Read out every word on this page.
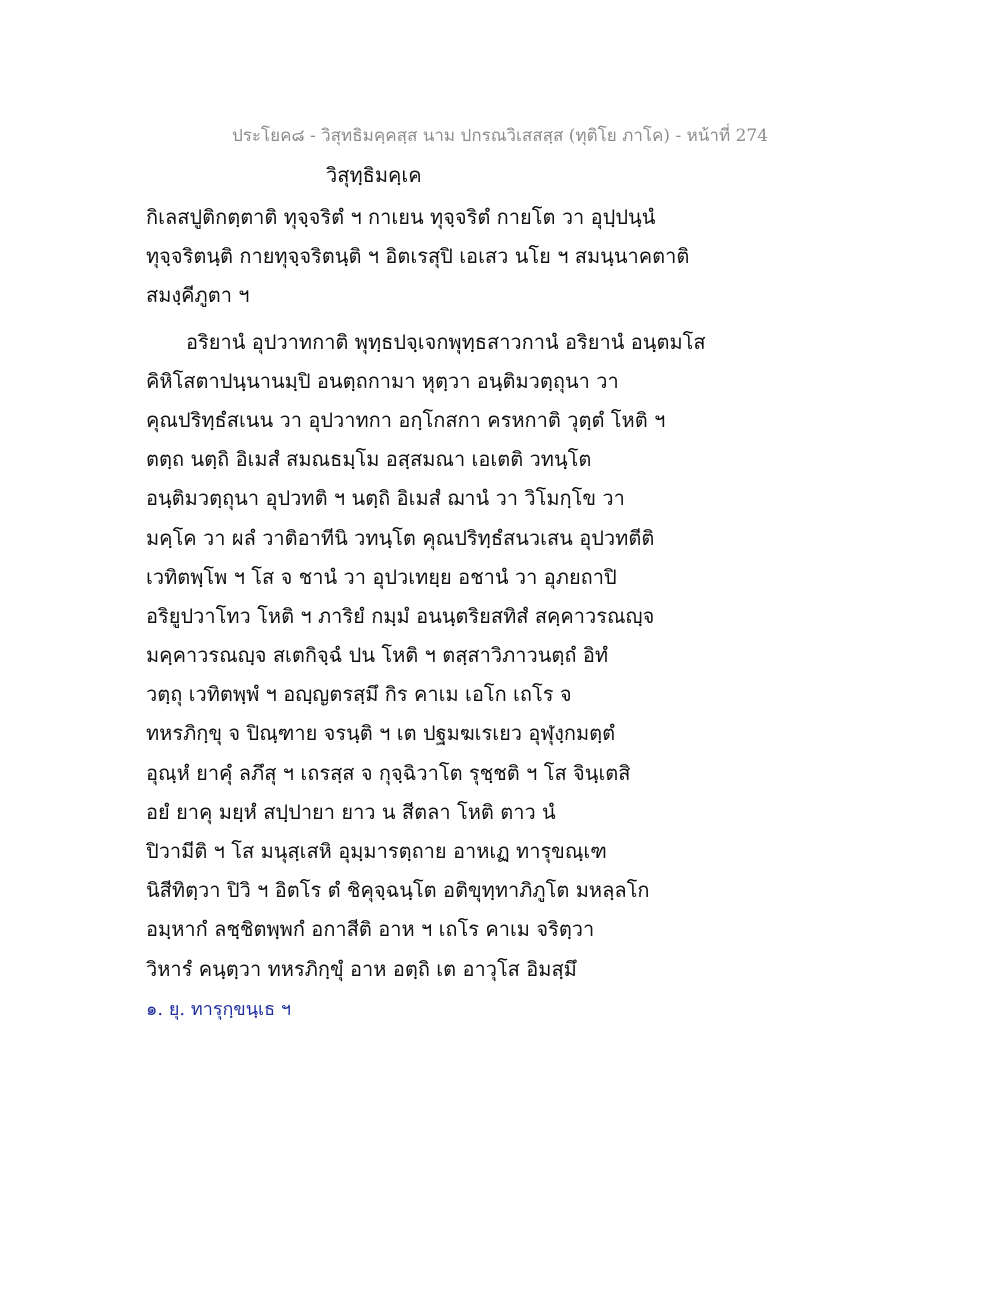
ประโยค๘ - วิสุทธิมคฺคสฺส นาม ปกรณวิเสสสฺส (ทุติโย ภาโค) - หน้าที่ 274
วิสุทฺธิมคฺเค
กิเลสปูติกตฺตาติ ทุจฺจริตํ ฯ กาเยน ทุจฺจริตํ กายโต วา อุปฺปนฺนํ
ทุจฺจริตนฺติ กายทุจฺจริตนฺติ ฯ อิตเรสุปิ เอเสว นโย ฯ สมนฺนาคตาติ
สมงฺคีภูตา ฯ
อริยานํ อุปวาทกาติ พุทฺธปจฺเจกพุทฺธสาวกานํ อริยานํ อนฺตมโส
คิหิโสตาปนฺนานมฺปิ อนตฺถกามา หุตฺวา อนฺติมวตฺถุนา วา
คุณปริทฺธํสเนน วา อุปวาทกา อกฺโกสกา ครหกาติ วุตฺตํ โหติ ฯ
ตตฺถ นตฺถิ อิเมสํ สมณธมฺโม อสฺสมณา เอเตติ วทนฺโต
อนฺติมวตฺถุนา อุปวทติ ฯ นตฺถิ อิเมสํ ฌานํ วา วิโมกฺโข วา
มคฺโค วา ผลํ วาติอาทีนิ วทนฺโต คุณปริทฺธํสนวเสน อุปวทตีติ
เวทิตพฺโพ ฯ โส จ ชานํ วา อุปวเทยฺย อชานํ วา อุภยถาปิ
อริยูปวาโทว โหติ ฯ ภาริยํ กมฺมํ อนนฺตริยสทิสํ สคฺคาวรณญฺจ
มคฺคาวรณญฺจ สเตกิจฺฉํ ปน โหติ ฯ ตสฺสาวิภาวนตฺถํ อิทํ
วตฺถุ เวทิตพฺพํ ฯ อญฺญตรสฺมึ กิร คาเม เอโก เถโร จ
ทหรภิกฺขุ จ ปิณฺฑาย จรนฺติ ฯ เต ปฐมฆเรเยว อุฬุงฺกมตฺตํ
อุณฺหํ ยาคุํ ลภึสุ ฯ เถรสฺส จ กุจฺฉิวาโต รุชฺชติ ฯ โส จินฺเตสิ
อยํ ยาคุ มยฺหํ สปฺปายา ยาว น สีตลา โหติ ตาว นํ
ปิวามีติ ฯ โส มนุสฺเสหิ อุมฺมารตฺถาย อาหเฏ ทารุขณฺเฑ
นิสีทิตฺวา ปิวิ ฯ อิตโร ตํ ชิคุจฺฉนฺโต อติขุทฺทาภิภูโต มหลฺลโก
อมฺหากํ ลชฺชิตพฺพกํ อกาสีติ อาห ฯ เถโร คาเม จริตฺวา
วิหารํ คนฺตฺวา ทหรภิกฺขุํ อาห อตฺถิ เต อาวุโส อิมสฺมึ
๑. ยุ. ทารุกฺขนฺเธ ฯ
